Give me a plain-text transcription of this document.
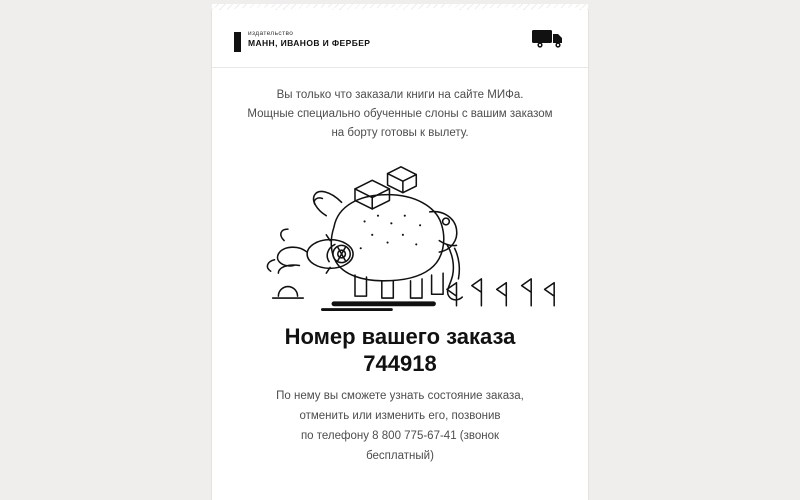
издательство
МАНН, ИВАНОВ И ФЕРБЕР
Вы только что заказали книги на сайте МИФа.
Мощные специально обученные слоны с вашим заказом
на борту готовы к вылету.
Номер вашего заказа
744918
По нему вы сможете узнать состояние заказа,
отменить или изменить его, позвонив
по телефону 8 800 775-67-41 (звонок
бесплатный)
